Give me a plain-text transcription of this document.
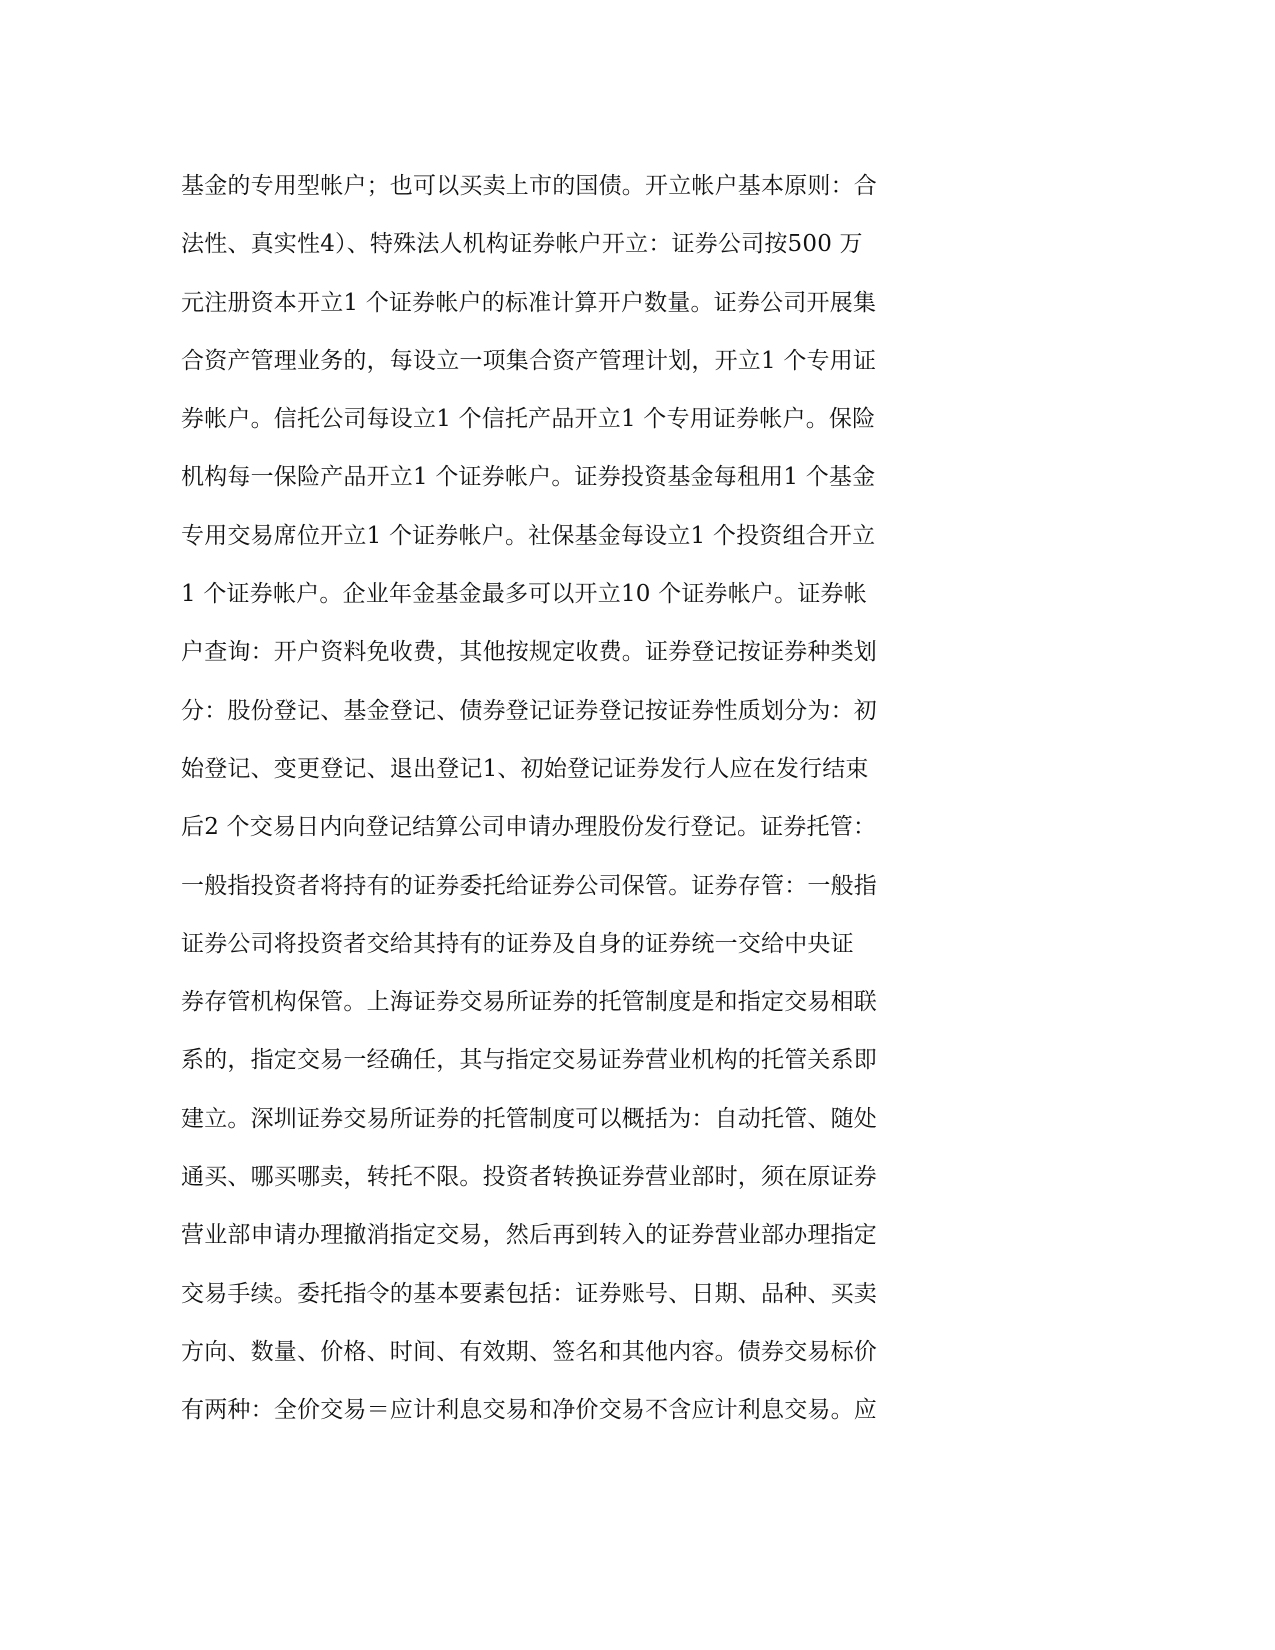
基金的专用型帐户；也可以买卖上市的国债。开立帐户基本原则：合
法性、真实性4）、特殊法人机构证券帐户开立：证券公司按500 万
元注册资本开立1 个证券帐户的标准计算开户数量。证券公司开展集
合资产管理业务的，每设立一项集合资产管理计划，开立1 个专用证
券帐户。信托公司每设立1 个信托产品开立1 个专用证券帐户。保险
机构每一保险产品开立1 个证券帐户。证券投资基金每租用1 个基金
专用交易席位开立1 个证券帐户。社保基金每设立1 个投资组合开立
1 个证券帐户。企业年金基金最多可以开立10 个证券帐户。证券帐
户查询：开户资料免收费，其他按规定收费。证券登记按证券种类划
分：股份登记、基金登记、债券登记证券登记按证券性质划分为：初
始登记、变更登记、退出登记1、初始登记证券发行人应在发行结束
后2 个交易日内向登记结算公司申请办理股份发行登记。证券托管：
一般指投资者将持有的证券委托给证券公司保管。证券存管：一般指
证券公司将投资者交给其持有的证券及自身的证券统一交给中央证
券存管机构保管。上海证券交易所证券的托管制度是和指定交易相联
系的，指定交易一经确任，其与指定交易证券营业机构的托管关系即
建立。深圳证券交易所证券的托管制度可以概括为：自动托管、随处
通买、哪买哪卖，转托不限。投资者转换证券营业部时，须在原证券
营业部申请办理撤消指定交易，然后再到转入的证券营业部办理指定
交易手续。委托指令的基本要素包括：证券账号、日期、品种、买卖
方向、数量、价格、时间、有效期、签名和其他内容。债券交易标价
有两种：全价交易＝应计利息交易和净价交易不含应计利息交易。应
